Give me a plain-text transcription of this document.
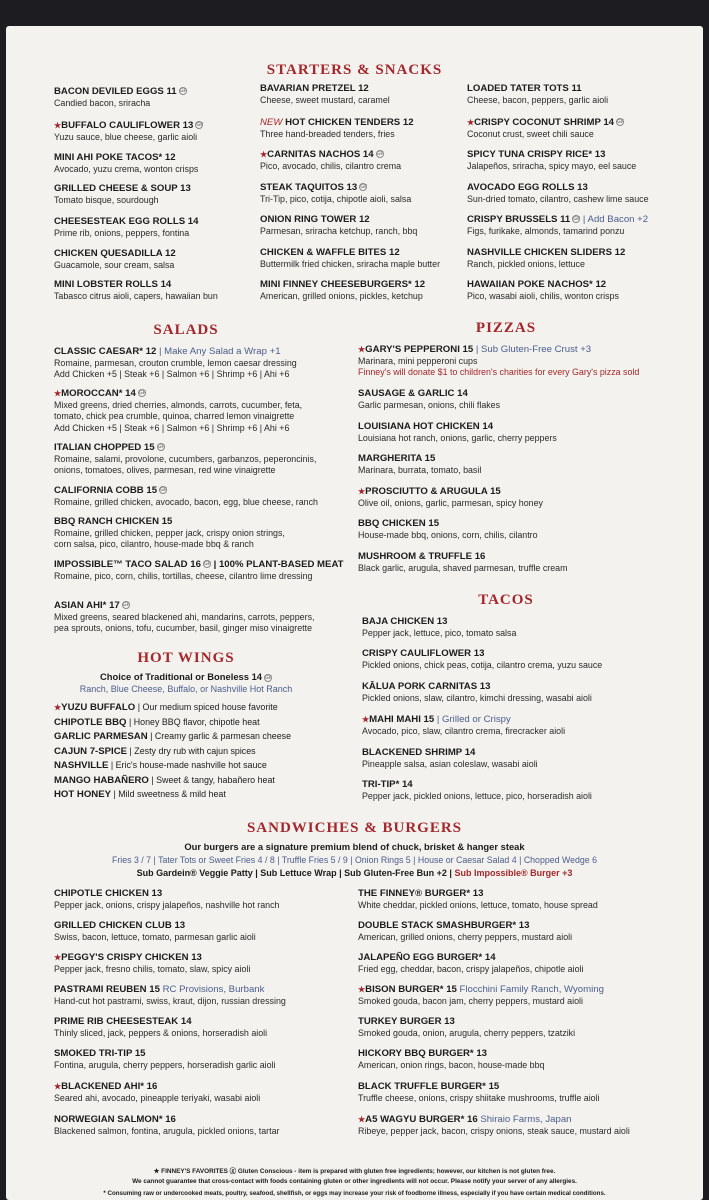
STARTERS & SNACKS
BACON DEVILED EGGS 11 GF
Candied bacon, sriracha
★BUFFALO CAULIFLOWER 13 GF
Yuzu sauce, blue cheese, garlic aioli
MINI AHI POKE TACOS* 12
Avocado, yuzu crema, wonton crisps
GRILLED CHEESE & SOUP 13
Tomato bisque, sourdough
CHEESESTEAK EGG ROLLS 14
Prime rib, onions, peppers, fontina
CHICKEN QUESADILLA 12
Guacamole, sour cream, salsa
MINI LOBSTER ROLLS 14
Tabasco citrus aioli, capers, hawaiian bun
BAVARIAN PRETZEL 12
Cheese, sweet mustard, caramel
NEW HOT CHICKEN TENDERS 12
Three hand-breaded tenders, fries
★CARNITAS NACHOS 14 GF
Pico, avocado, chilis, cilantro crema
STEAK TAQUITOS 13 GF
Tri-Tip, pico, cotija, chipotle aioli, salsa
ONION RING TOWER 12
Parmesan, sriracha ketchup, ranch, bbq
CHICKEN & WAFFLE BITES 12
Buttermilk fried chicken, sriracha maple butter
MINI FINNEY CHEESEBURGERS* 12
American, grilled onions, pickles, ketchup
LOADED TATER TOTS 11
Cheese, bacon, peppers, garlic aioli
★CRISPY COCONUT SHRIMP 14 GF
Coconut crust, sweet chili sauce
SPICY TUNA CRISPY RICE* 13
Jalapeños, sriracha, spicy mayo, eel sauce
AVOCADO EGG ROLLS 13
Sun-dried tomato, cilantro, cashew lime sauce
CRISPY BRUSSELS 11 GF | Add Bacon +2
Figs, furikake, almonds, tamarind ponzu
NASHVILLE CHICKEN SLIDERS 12
Ranch, pickled onions, lettuce
HAWAIIAN POKE NACHOS* 12
Pico, wasabi aioli, chilis, wonton crisps
SALADS
CLASSIC CAESAR* 12 | Make Any Salad a Wrap +1
Romaine, parmesan, crouton crumble, lemon caesar dressing
Add Chicken +5 | Steak +6 | Salmon +6 | Shrimp +6 | Ahi +6
★MOROCCAN* 14 GF
Mixed greens, dried cherries, almonds, carrots, cucumber, feta,
tomato, chick pea crumble, quinoa, charred lemon vinaigrette
Add Chicken +5 | Steak +6 | Salmon +6 | Shrimp +6 | Ahi +6
ITALIAN CHOPPED 15 GF
Romaine, salami, provolone, cucumbers, garbanzos, peperoncinis,
onions, tomatoes, olives, parmesan, red wine vinaigrette
CALIFORNIA COBB 15 GF
Romaine, grilled chicken, avocado, bacon, egg, blue cheese, ranch
BBQ RANCH CHICKEN 15
Romaine, grilled chicken, pepper jack, crispy onion strings,
corn salsa, pico, cilantro, house-made bbq & ranch
IMPOSSIBLE™ TACO SALAD 16 GF | 100% PLANT-BASED MEAT
Romaine, pico, corn, chilis, tortillas, cheese, cilantro lime dressing
ASIAN AHI* 17 GF
Mixed greens, seared blackened ahi, mandarins, carrots, peppers,
pea sprouts, onions, tofu, cucumber, basil, ginger miso vinaigrette
PIZZAS
★GARY'S PEPPERONI 15 | Sub Gluten-Free Crust +3
Marinara, mini pepperoni cups
Finney's will donate $1 to children's charities for every Gary's pizza sold
SAUSAGE & GARLIC 14
Garlic parmesan, onions, chili flakes
LOUISIANA HOT CHICKEN 14
Louisiana hot ranch, onions, garlic, cherry peppers
MARGHERITA 15
Marinara, burrata, tomato, basil
★PROSCIUTTO & ARUGULA 15
Olive oil, onions, garlic, parmesan, spicy honey
BBQ CHICKEN 15
House-made bbq, onions, corn, chilis, cilantro
MUSHROOM & TRUFFLE 16
Black garlic, arugula, shaved parmesan, truffle cream
HOT WINGS
Choice of Traditional or Boneless 14 GF
Ranch, Blue Cheese, Buffalo, or Nashville Hot Ranch
★YUZU BUFFALO | Our medium spiced house favorite
CHIPOTLE BBQ | Honey BBQ flavor, chipotle heat
GARLIC PARMESAN | Creamy garlic & parmesan cheese
CAJUN 7-SPICE | Zesty dry rub with cajun spices
NASHVILLE | Eric's house-made nashville hot sauce
MANGO HABAÑERO | Sweet & tangy, habañero heat
HOT HONEY | Mild sweetness & mild heat
TACOS
BAJA CHICKEN 13
Pepper jack, lettuce, pico, tomato salsa
CRISPY CAULIFLOWER 13
Pickled onions, chick peas, cotija, cilantro crema, yuzu sauce
KĀLUA PORK CARNITAS 13
Pickled onions, slaw, cilantro, kimchi dressing, wasabi aioli
★MAHI MAHI 15 | Grilled or Crispy
Avocado, pico, slaw, cilantro crema, firecracker aioli
BLACKENED SHRIMP 14
Pineapple salsa, asian coleslaw, wasabi aioli
TRI-TIP* 14
Pepper jack, pickled onions, lettuce, pico, horseradish aioli
SANDWICHES & BURGERS
Our burgers are a signature premium blend of chuck, brisket & hanger steak
Fries 3 / 7 | Tater Tots or Sweet Fries 4 / 8 | Truffle Fries 5 / 9 | Onion Rings 5 | House or Caesar Salad 4 | Chopped Wedge 6
Sub Gardein® Veggie Patty | Sub Lettuce Wrap | Sub Gluten-Free Bun +2 | Sub Impossible® Burger +3
CHIPOTLE CHICKEN 13
Pepper jack, onions, crispy jalapeños, nashville hot ranch
GRILLED CHICKEN CLUB 13
Swiss, bacon, lettuce, tomato, parmesan garlic aioli
★PEGGY'S CRISPY CHICKEN 13
Pepper jack, fresno chilis, tomato, slaw, spicy aioli
PASTRAMI REUBEN 15 RC Provisions, Burbank
Hand-cut hot pastrami, swiss, kraut, dijon, russian dressing
PRIME RIB CHEESESTEAK 14
Thinly sliced, jack, peppers & onions, horseradish aioli
SMOKED TRI-TIP 15
Fontina, arugula, cherry peppers, horseradish garlic aioli
★BLACKENED AHI* 16
Seared ahi, avocado, pineapple teriyaki, wasabi aioli
NORWEGIAN SALMON* 16
Blackened salmon, fontina, arugula, pickled onions, tartar
THE FINNEY® BURGER* 13
White cheddar, pickled onions, lettuce, tomato, house spread
DOUBLE STACK SMASHBURGER* 13
American, grilled onions, cherry peppers, mustard aioli
JALAPEÑO EGG BURGER* 14
Fried egg, cheddar, bacon, crispy jalapeños, chipotle aioli
★BISON BURGER* 15 Flocchini Family Ranch, Wyoming
Smoked gouda, bacon jam, cherry peppers, mustard aioli
TURKEY BURGER 13
Smoked gouda, onion, arugula, cherry peppers, tzatziki
HICKORY BBQ BURGER* 13
American, onion rings, bacon, house-made bbq
BLACK TRUFFLE BURGER* 15
Truffle cheese, onions, crispy shiitake mushrooms, truffle aioli
★A5 WAGYU BURGER* 16 Shiraio Farms, Japan
Ribeye, pepper jack, bacon, crispy onions, steak sauce, mustard aioli
★ FINNEY'S FAVORITES ⓖ Gluten Conscious - item is prepared with gluten free ingredients; however, our kitchen is not gluten free.
We cannot guarantee that cross-contact with foods containing gluten or other ingredients will not occur. Please notify your server of any allergies.
* Consuming raw or undercooked meats, poultry, seafood, shellfish, or eggs may increase your risk of foodborne illness, especially if you have certain medical conditions.
